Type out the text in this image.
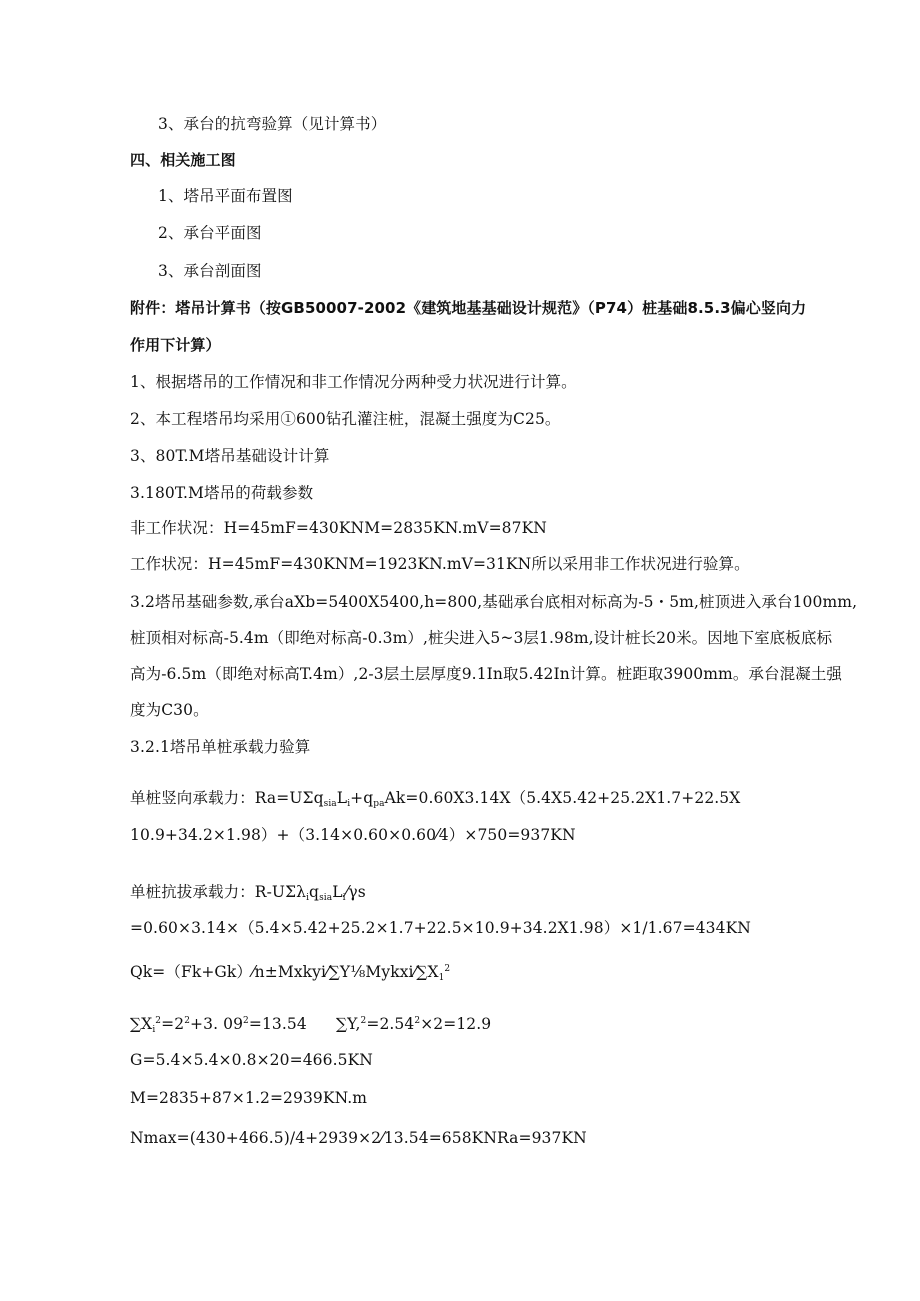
3、承台的抗弯验算（见计算书）
四、相关施工图
1、塔吊平面布置图
2、承台平面图
3、承台剖面图
附件：塔吊计算书（按GB50007-2002《建筑地基基础设计规范》（P74）桩基础8.5.3偏心竖向力
作用下计算）
1、根据塔吊的工作情况和非工作情况分两种受力状况进行计算。
2、本工程塔吊均采用①600钻孔灌注桩，混凝土强度为C25。
3、80T.M塔吊基础设计计算
3.180T.M塔吊的荷载参数
非工作状况：H=45mF=430KNM=2835KN.mV=87KN
工作状况：H=45mF=430KNM=1923KN.mV=31KN所以采用非工作状况进行验算。
3.2塔吊基础参数,承台aXb=5400X5400,h=800,基础承台底相对标高为-5・5m,桩顶进入承台100mm,
桩顶相对标高-5.4m（即绝对标高-0.3m）,桩尖进入5~3层1.98m,设计桩长20米。因地下室底板底标
高为-6.5m（即绝对标高T.4m）,2-3层土层厚度9.1In取5.42In计算。桩距取3900mm。承台混凝土强
度为C30。
3.2.1塔吊单桩承载力验算
单桩竖向承载力：$Ra=U\Sigma q_{sia}L_i+q_{pa}Ak=0.60X3.14X(5.4X5.42+25.2X1.7+22.5X$
10.9+34.2×1.98）+（3.14×0.60×0.60⁄4）×750=937KN
单桩抗拔承载力：$R-U\Sigma\lambda_iq_{sia}L_i⁄\gamma s$
=0.60×3.14×（5.4×5.42+25.2×1.7+22.5×10.9+34.2X1.98）×1/1.67=434KN
$Qk=(Fk+Gk)⁄n\pm Mxkyi⁄\sum Y\frac{1}{8}Mykxi⁄\sum X_1^2$
$\sum X_i^2=2^2+3$. $09^2=13.54$ $\sum Y,^2=2.54^2\times 2=12.9$
G=5.4×5.4×0.8×20=466.5KN
M=2835+87×1.2=2939KN.m
Nmax=(430+466.5)/4+2939×2⁄13.54=658KNRa=937KN
